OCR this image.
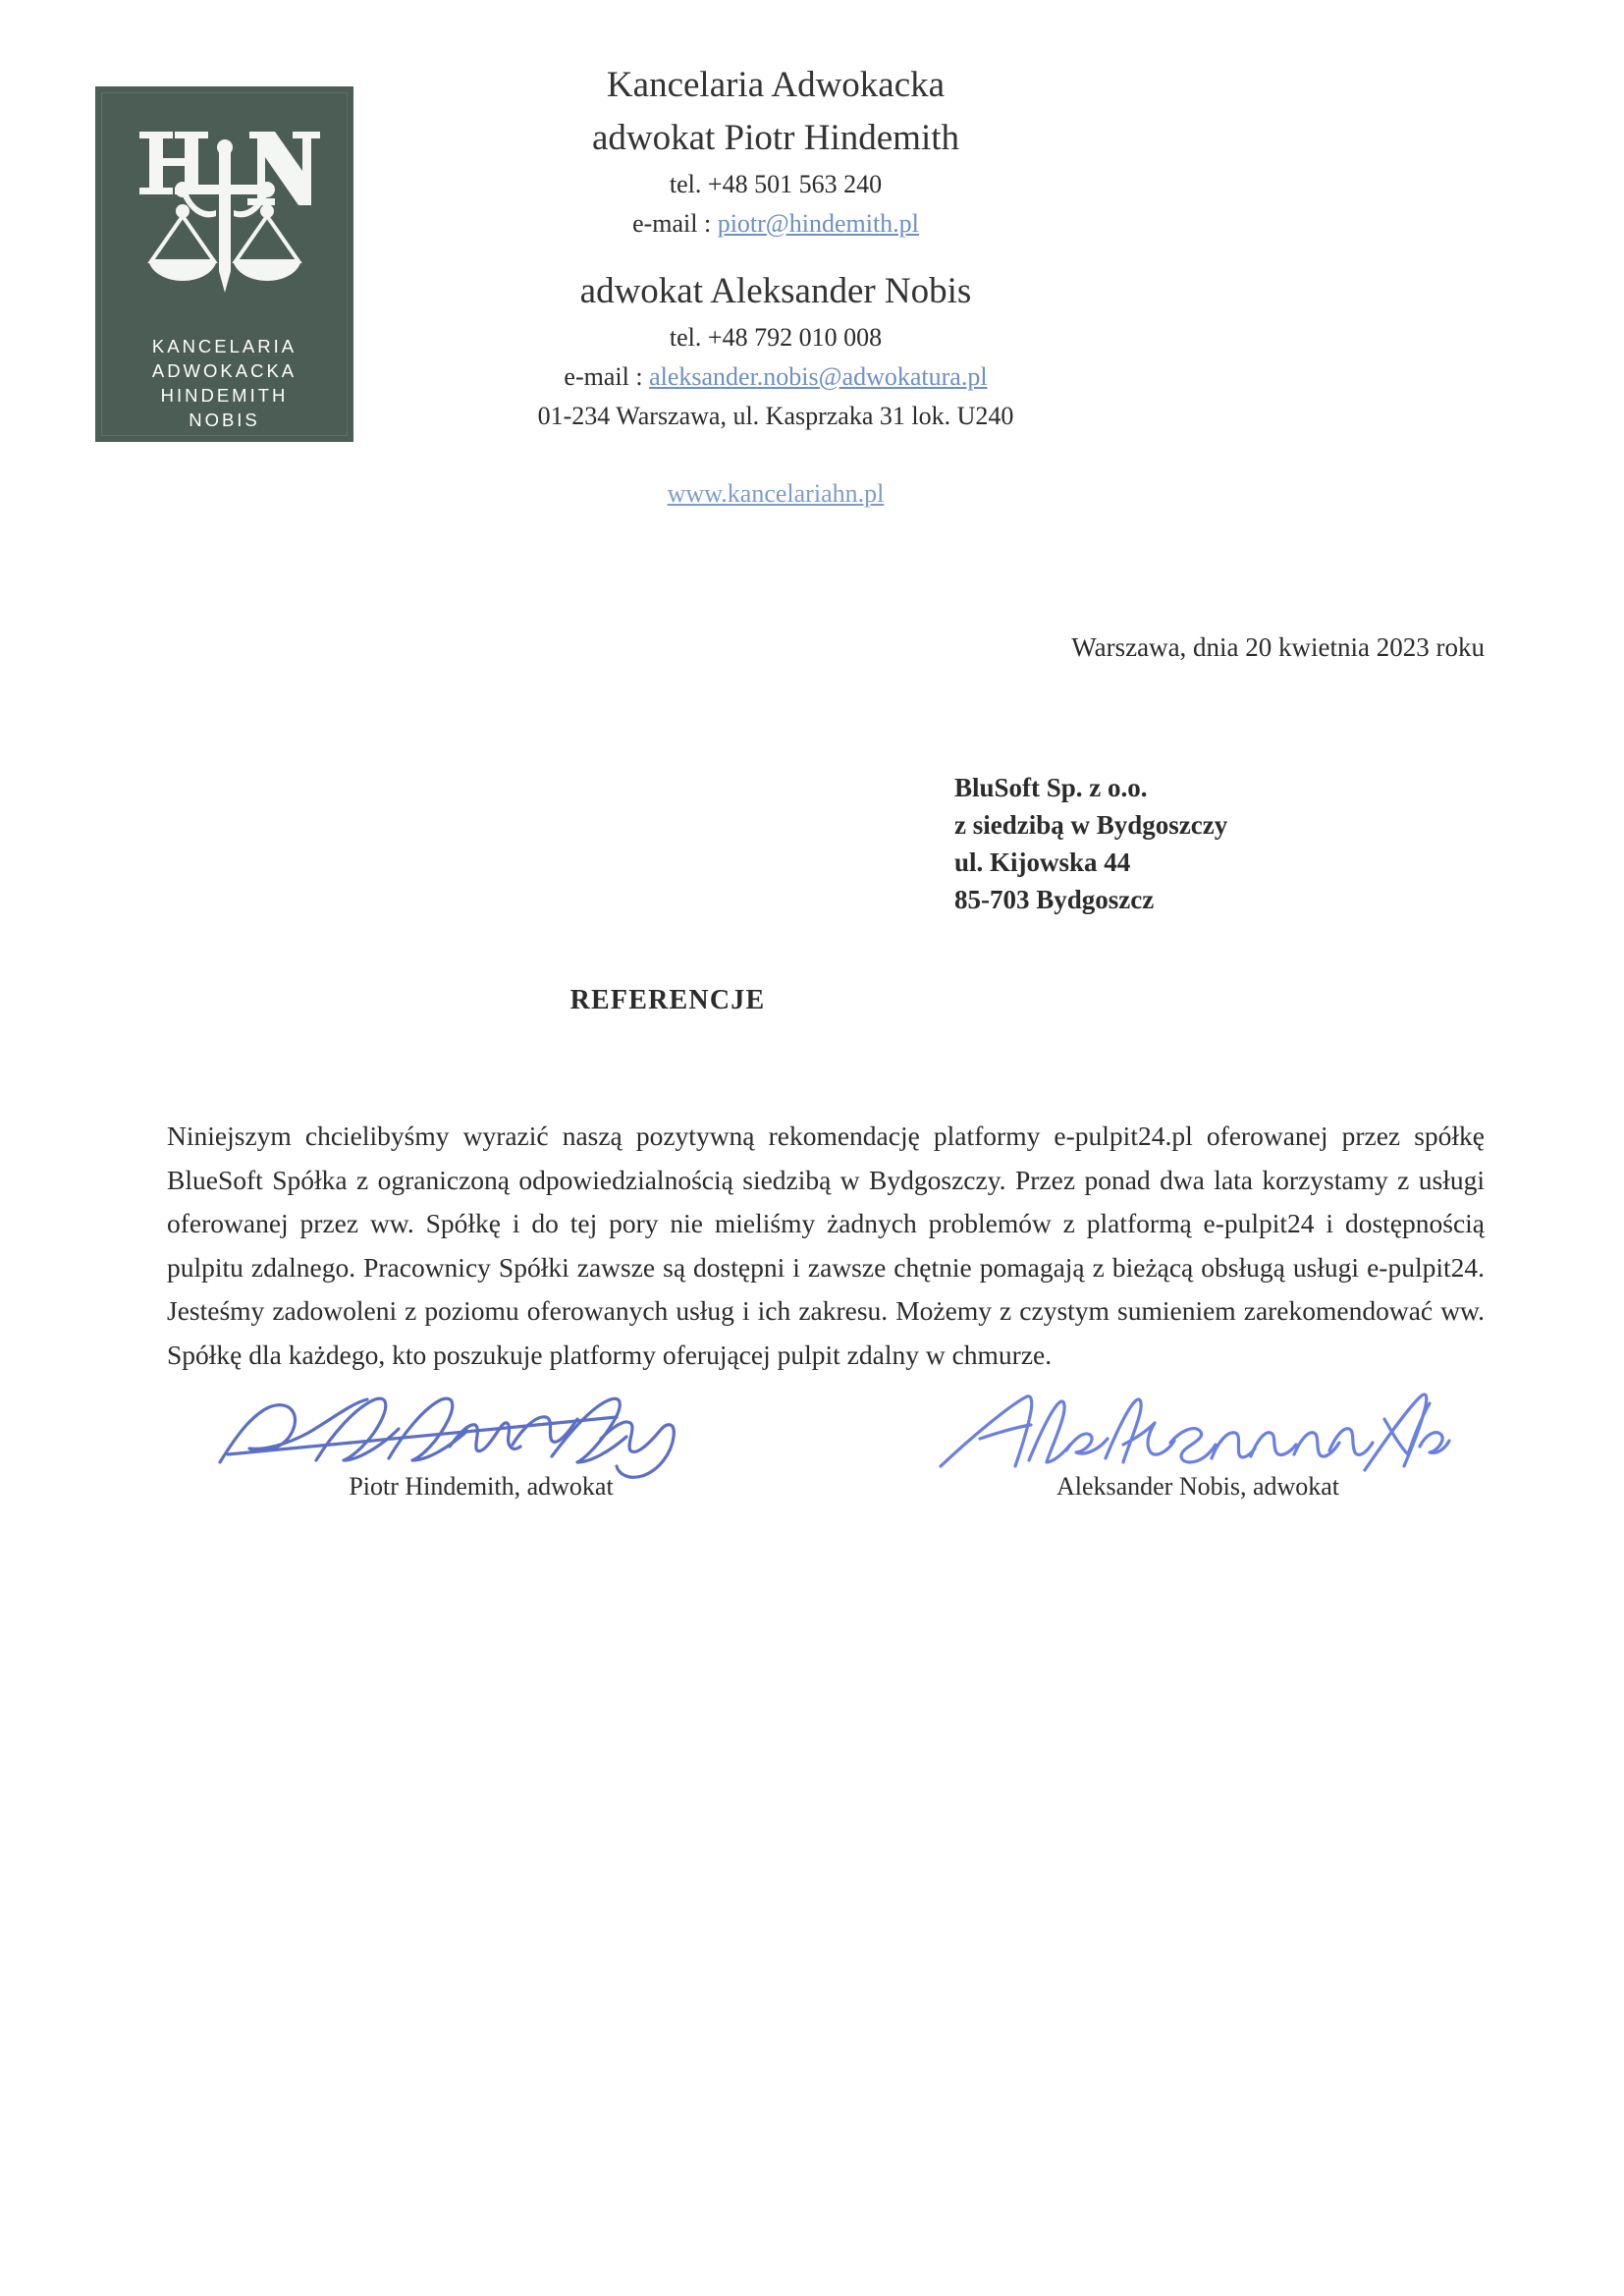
KANCELARIA
ADWOKACKA
HINDEMITH
NOBIS
Kancelaria Adwokacka
adwokat Piotr Hindemith
tel. +48 501 563 240
e-mail : piotr@hindemith.pl
adwokat Aleksander Nobis
tel. +48 792 010 008
e-mail : aleksander.nobis@adwokatura.pl
01-234 Warszawa, ul. Kasprzaka 31 lok. U240
www.kancelariahn.pl
Warszawa, dnia 20 kwietnia 2023 roku
BluSoft Sp. z o.o.
z siedzibą w Bydgoszczy
ul. Kijowska 44
85-703 Bydgoszcz
REFERENCJE
Niniejszym chcielibyśmy wyrazić naszą pozytywną rekomendację platformy e-pulpit24.pl oferowanej przez spółkę BlueSoft Spółka z ograniczoną odpowiedzialnością siedzibą w Bydgoszczy. Przez ponad dwa lata korzystamy z usługi oferowanej przez ww. Spółkę i do tej pory nie mieliśmy żadnych problemów z platformą e-pulpit24 i dostępnością pulpitu zdalnego. Pracownicy Spółki zawsze są dostępni i zawsze chętnie pomagają z bieżącą obsługą usługi e-pulpit24. Jesteśmy zadowoleni z poziomu oferowanych usług i ich zakresu. Możemy z czystym sumieniem zarekomendować ww. Spółkę dla każdego, kto poszukuje platformy oferującej pulpit zdalny w chmurze.
Piotr Hindemith, adwokat	Aleksander Nobis, adwokat
